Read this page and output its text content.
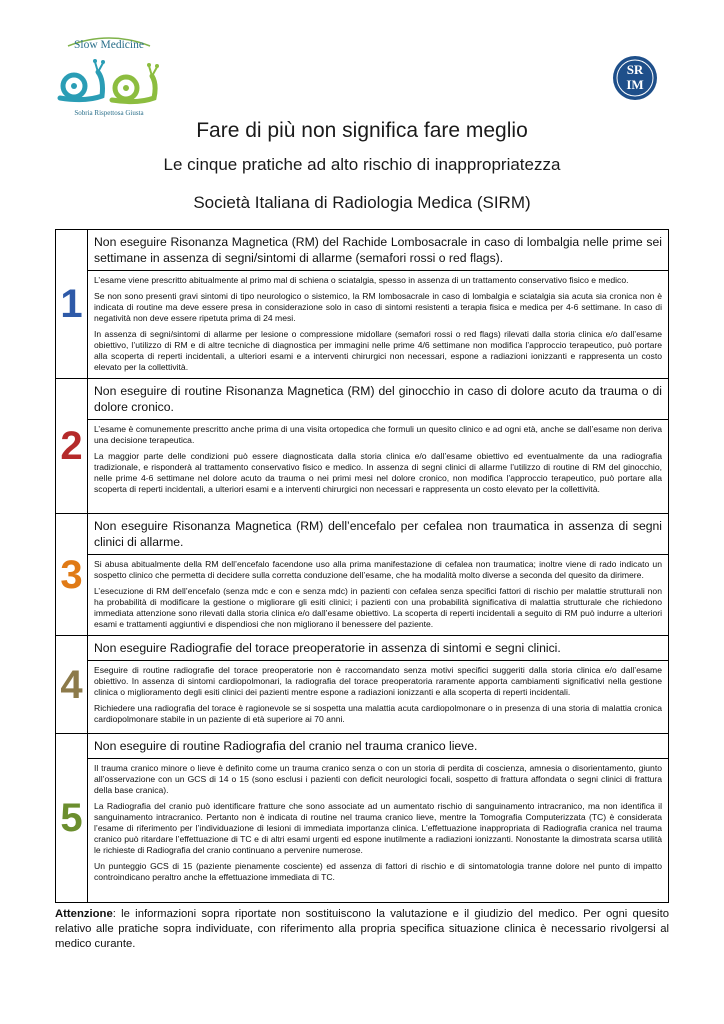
Slow Medicine
Sobria Rispettosa Giusta
SR
IM
Fare di più non significa fare meglio
Le cinque pratiche ad alto rischio di inappropriatezza
Società Italiana di Radiologia Medica (SIRM)
1
Non eseguire Risonanza Magnetica (RM) del Rachide Lombosacrale in caso di lombalgia nelle prime sei settimane in assenza di segni/sintomi di allarme (semafori rossi o red flags).

L’esame viene prescritto abitualmente al primo mal di schiena o sciatalgia, spesso in assenza di un trattamento conservativo fisico e medico.

Se non sono presenti gravi sintomi di tipo neurologico o sistemico, la RM lombosacrale in caso di lombalgia e sciatalgia sia acuta sia cronica non è indicata di routine ma deve essere presa in considerazione solo in caso di sintomi resistenti a terapia fisica e medica per 4-6 settimane. In caso di negatività non deve essere ripetuta prima di 24 mesi.

In assenza di segni/sintomi di allarme per lesione o compressione midollare (semafori rossi o red flags) rilevati dalla storia clinica e/o dall’esame obiettivo, l’utilizzo di RM e di altre tecniche di diagnostica per immagini nelle prime 4/6 settimane non modifica l’approccio terapeutico, può portare alla scoperta di reperti incidentali, a ulteriori esami e a interventi chirurgici non necessari, espone a radiazioni ionizzanti e rappresenta un costo elevato per la collettività.

2
Non eseguire di routine Risonanza Magnetica (RM) del ginocchio in caso di dolore acuto da trauma o di dolore cronico.

L’esame è comunemente prescritto anche prima di una visita ortopedica che formuli un quesito clinico e ad ogni età, anche se dall’esame non deriva una decisione terapeutica.

La maggior parte delle condizioni può essere diagnosticata dalla storia clinica e/o dall’esame obiettivo ed eventualmente da una radiografia tradizionale, e risponderà al trattamento conservativo fisico e medico. In assenza di segni clinici di allarme l’utilizzo di routine di RM del ginocchio, nelle prime 4-6 settimane nel dolore acuto da trauma o nei primi mesi nel dolore cronico, non modifica l’approccio terapeutico, può portare alla scoperta di reperti incidentali, a ulteriori esami e a interventi chirurgici non necessari e rappresenta un costo elevato per la collettività.

3
Non eseguire Risonanza Magnetica (RM) dell’encefalo per cefalea non traumatica in assenza di segni clinici di allarme.

Si abusa abitualmente della RM dell’encefalo facendone uso alla prima manifestazione di cefalea non traumatica; inoltre viene di rado indicato un sospetto clinico che permetta di decidere sulla corretta conduzione dell’esame, che ha modalità molto diverse a seconda del quesito da dirimere.

L’esecuzione di RM dell’encefalo (senza mdc e con e senza mdc) in pazienti con cefalea senza specifici fattori di rischio per malattie strutturali non ha probabilità di modificare la gestione o migliorare gli esiti clinici; i pazienti con una probabilità significativa di malattia strutturale che richiedono immediata attenzione sono rilevati dalla storia clinica e/o dall’esame obiettivo. La scoperta di reperti incidentali a seguito di RM può indurre a ulteriori esami e trattamenti aggiuntivi e dispendiosi che non migliorano il benessere del paziente.

4
Non eseguire Radiografie del torace preoperatorie in assenza di sintomi e segni clinici.

Eseguire di routine radiografie del torace preoperatorie non è raccomandato senza motivi specifici suggeriti dalla storia clinica e/o dall’esame obiettivo. In assenza di sintomi cardiopolmonari, la radiografia del torace preoperatoria raramente apporta cambiamenti significativi nella gestione clinica o miglioramento degli esiti clinici dei pazienti mentre espone a radiazioni ionizzanti e alla scoperta di reperti incidentali.

Richiedere una radiografia del torace è ragionevole se si sospetta una malattia acuta cardiopolmonare o in presenza di una storia di malattia cronica cardiopolmonare stabile in un paziente di età superiore ai 70 anni.

5
Non eseguire di routine Radiografia del cranio nel trauma cranico lieve.

Il trauma cranico minore o lieve è definito come un trauma cranico senza o con un storia di perdita di coscienza, amnesia o disorientamento, giunto all’osservazione con un GCS di 14 o 15 (sono esclusi i pazienti con deficit neurologici focali, sospetto di frattura affondata o segni clinici di frattura della base cranica).

La Radiografia del cranio può identificare fratture che sono associate ad un aumentato rischio di sanguinamento intracranico, ma non identifica il sanguinamento intracranico. Pertanto non è indicata di routine nel trauma cranico lieve, mentre la Tomografia Computerizzata (TC) è considerata l’esame di riferimento per l’individuazione di lesioni di immediata importanza clinica. L’effettuazione inappropriata di Radiografia cranica nel trauma cranico può ritardare l’effettuazione di TC e di altri esami urgenti ed espone inutilmente a radiazioni ionizzanti. Nonostante la dimostrata scarsa utilità le richieste di Radiografia del cranio continuano a pervenire numerose.

Un punteggio GCS di 15 (paziente pienamente cosciente) ed assenza di fattori di rischio e di sintomatologia tranne dolore nel punto di impatto controindicano peraltro anche la effettuazione immediata di TC.

Attenzione: le informazioni sopra riportate non sostituiscono la valutazione e il giudizio del medico. Per ogni quesito relativo alle pratiche sopra individuate, con riferimento alla propria specifica situazione clinica è necessario rivolgersi al medico curante.
